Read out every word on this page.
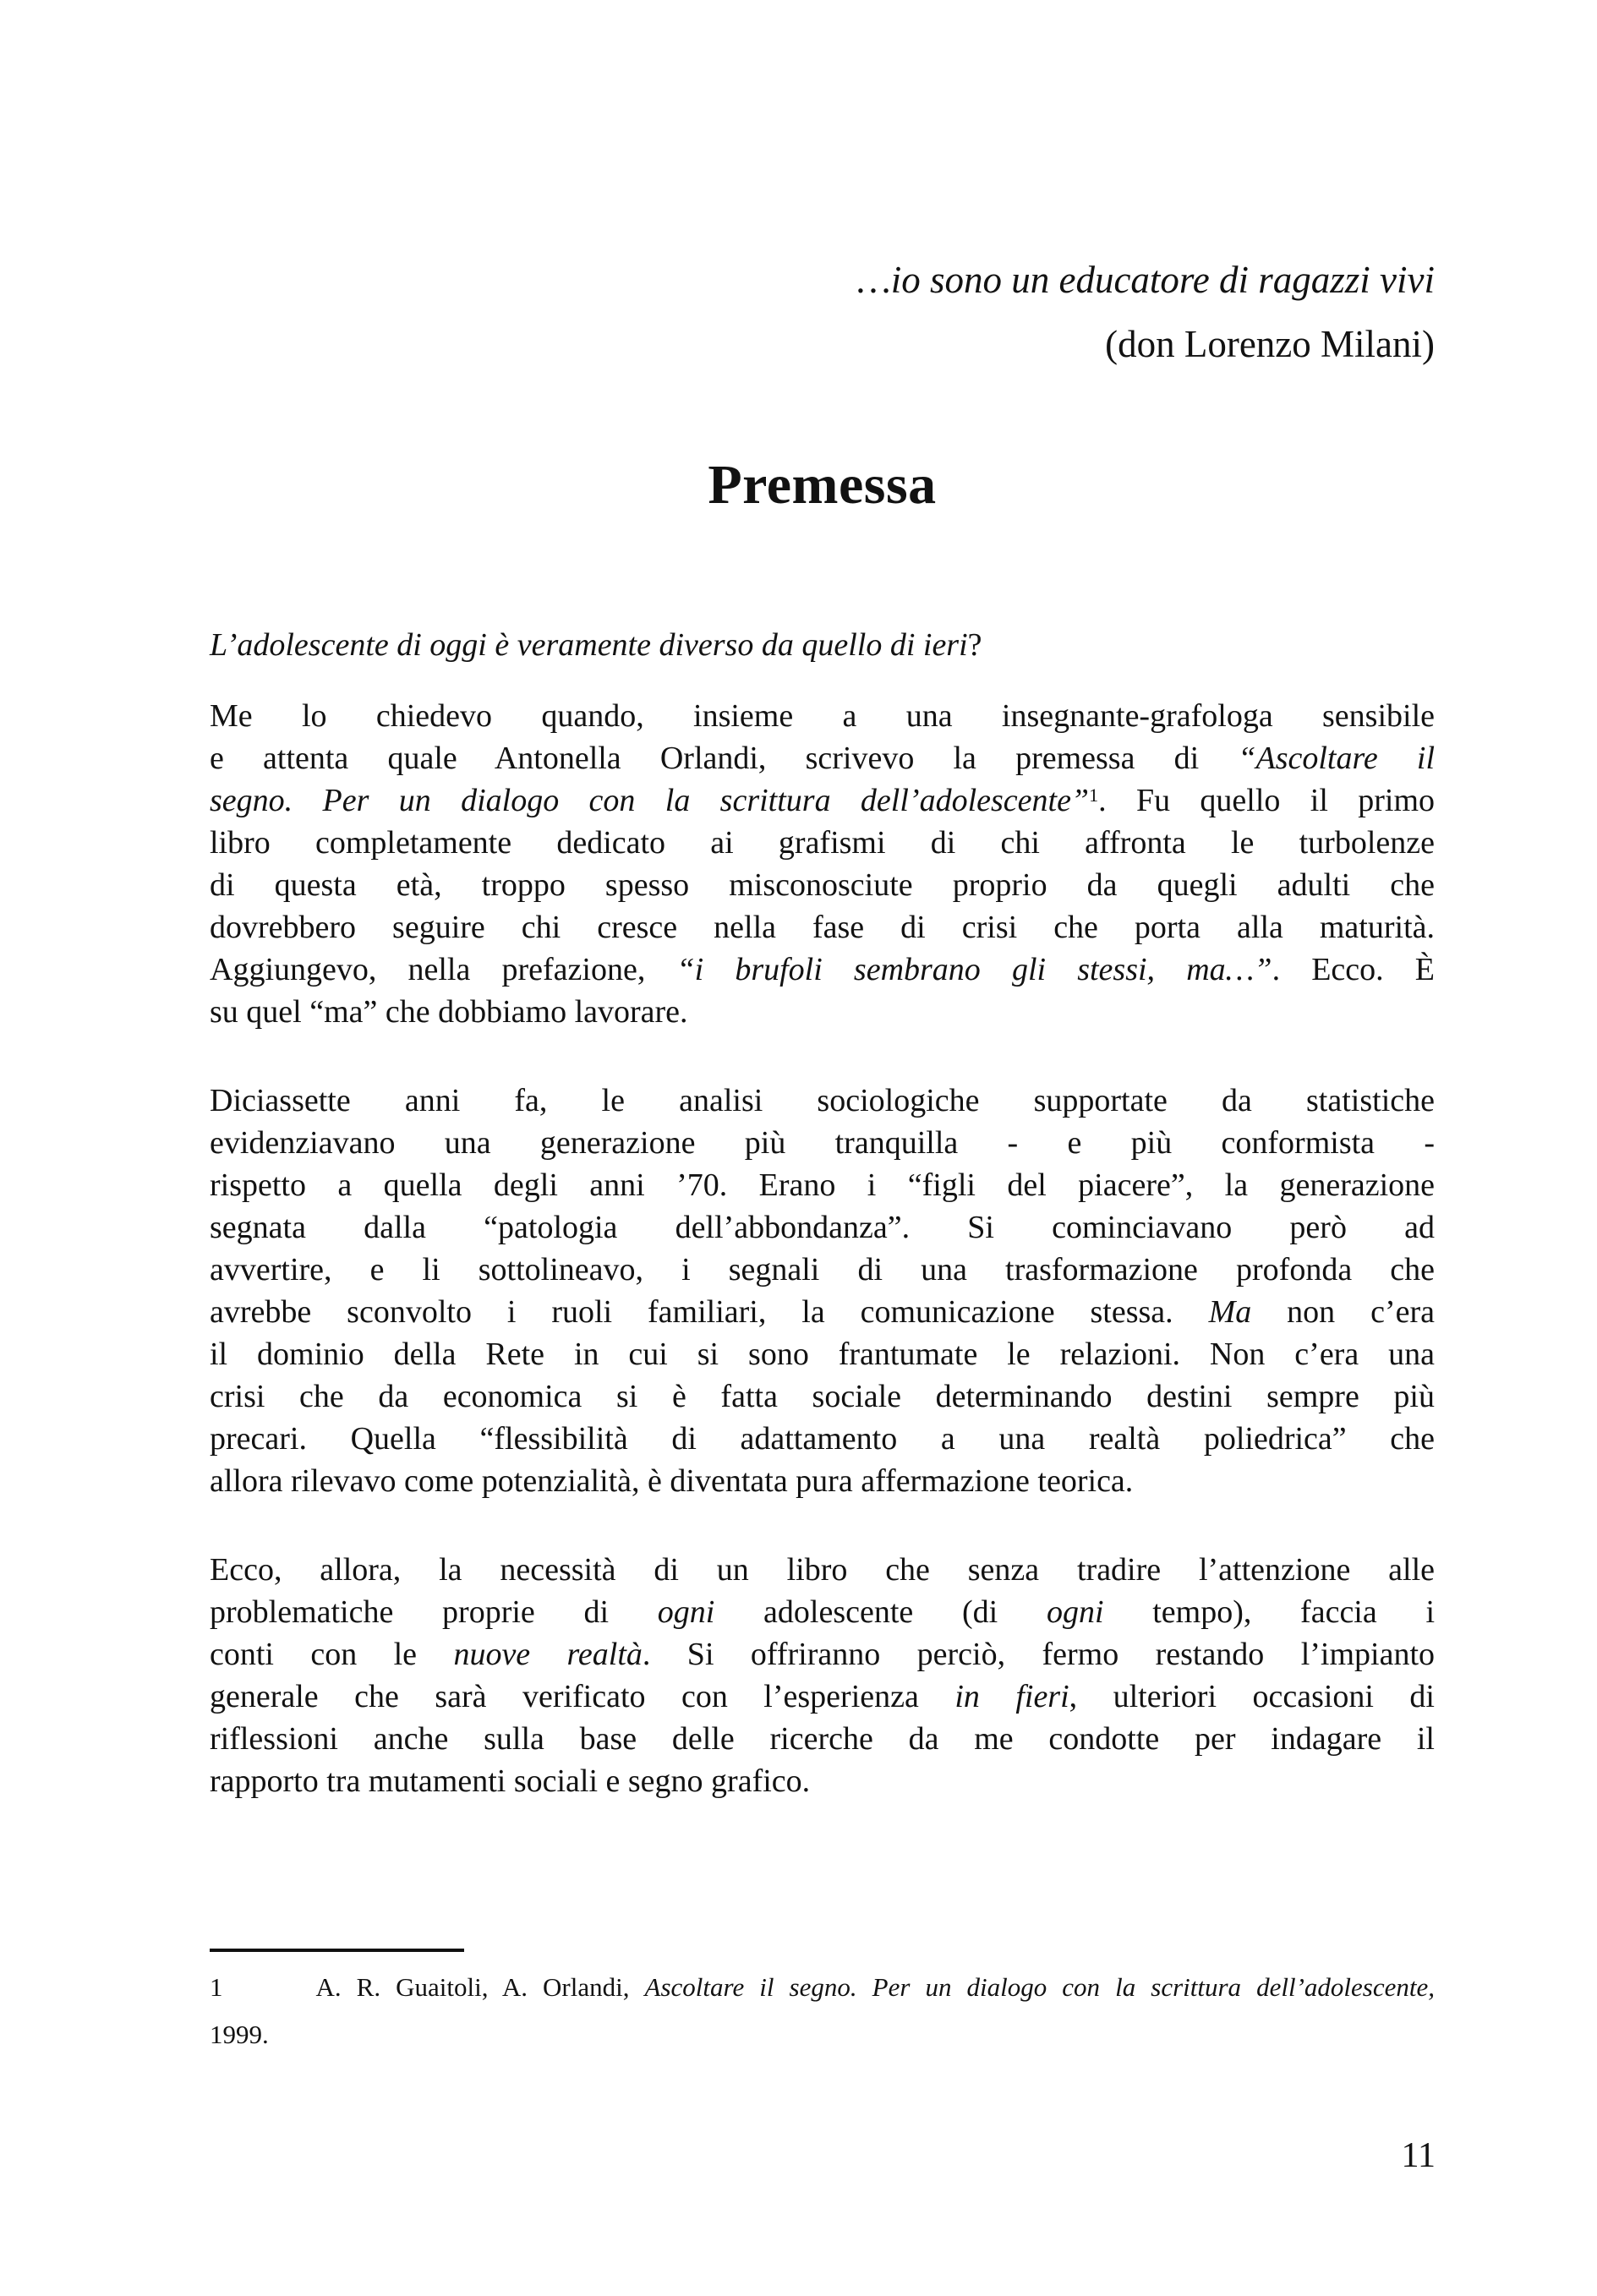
…io sono un educatore di ragazzi vivi
(don Lorenzo Milani)
Premessa
L’adolescente di oggi è veramente diverso da quello di ieri?
Me lo chiedevo quando, insieme a una insegnante-grafologa sensibile
e attenta quale Antonella Orlandi, scrivevo la premessa di “Ascoltare il
segno. Per un dialogo con la scrittura dell’adolescente”$^1$. Fu quello il primo
libro completamente dedicato ai grafismi di chi affronta le turbolenze
di questa età, troppo spesso misconosciute proprio da quegli adulti che
dovrebbero seguire chi cresce nella fase di crisi che porta alla maturità.
Aggiungevo, nella prefazione, “i brufoli sembrano gli stessi, ma…”. Ecco. È
su quel “ma” che dobbiamo lavorare.
Diciassette anni fa, le analisi sociologiche supportate da statistiche
evidenziavano una generazione più tranquilla - e più conformista -
rispetto a quella degli anni ’70. Erano i “figli del piacere”, la generazione
segnata dalla “patologia dell’abbondanza”. Si cominciavano però ad
avvertire, e li sottolineavo, i segnali di una trasformazione profonda che
avrebbe sconvolto i ruoli familiari, la comunicazione stessa. Ma non c’era
il dominio della Rete in cui si sono frantumate le relazioni. Non c’era una
crisi che da economica si è fatta sociale determinando destini sempre più
precari. Quella “flessibilità di adattamento a una realtà poliedrica” che
allora rilevavo come potenzialità, è diventata pura affermazione teorica.
Ecco, allora, la necessità di un libro che senza tradire l’attenzione alle
problematiche proprie di ogni adolescente (di ogni tempo), faccia i
conti con le nuove realtà. Si offriranno perciò, fermo restando l’impianto
generale che sarà verificato con l’esperienza in fieri, ulteriori occasioni di
riflessioni anche sulla base delle ricerche da me condotte per indagare il
rapporto tra mutamenti sociali e segno grafico.
1	A. R. Guaitoli, A. Orlandi, Ascoltare il segno. Per un dialogo con la scrittura dell’adolescente,
1999.
11
